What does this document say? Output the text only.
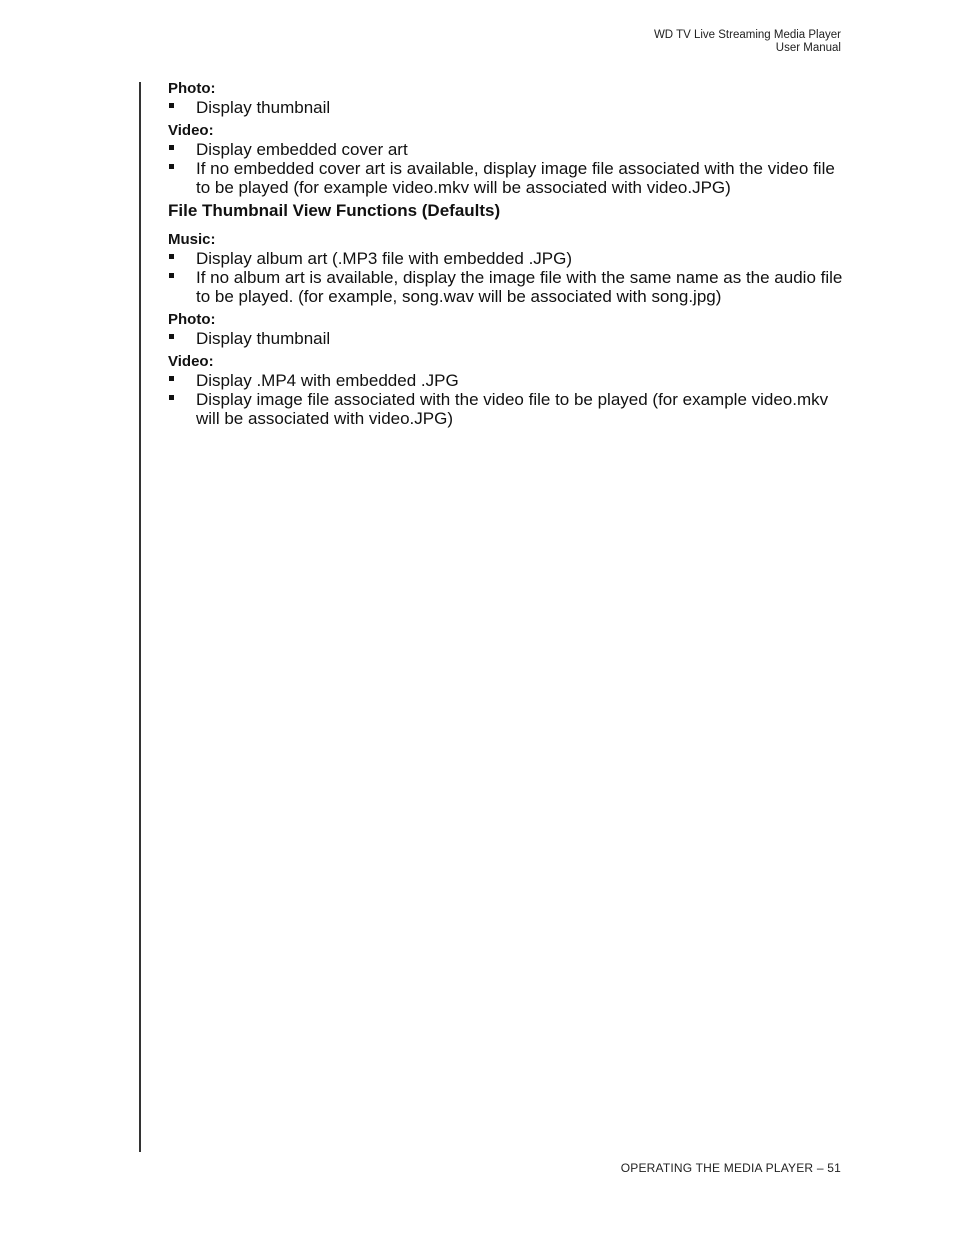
WD TV Live Streaming Media Player
User Manual

Photo:

Display thumbnail

Video:

Display embedded cover art
If no embedded cover art is available, display image file associated with the video file to be played (for example video.mkv will be associated with video.JPG)

File Thumbnail View Functions (Defaults)

Music:

Display album art (.MP3 file with embedded .JPG)
If no album art is available, display the image file with the same name as the audio file to be played. (for example, song.wav will be associated with song.jpg)

Photo:

Display thumbnail

Video:

Display .MP4 with embedded .JPG
Display image file associated with the video file to be played (for example video.mkv will be associated with video.JPG)
OPERATING THE MEDIA PLAYER – 51
